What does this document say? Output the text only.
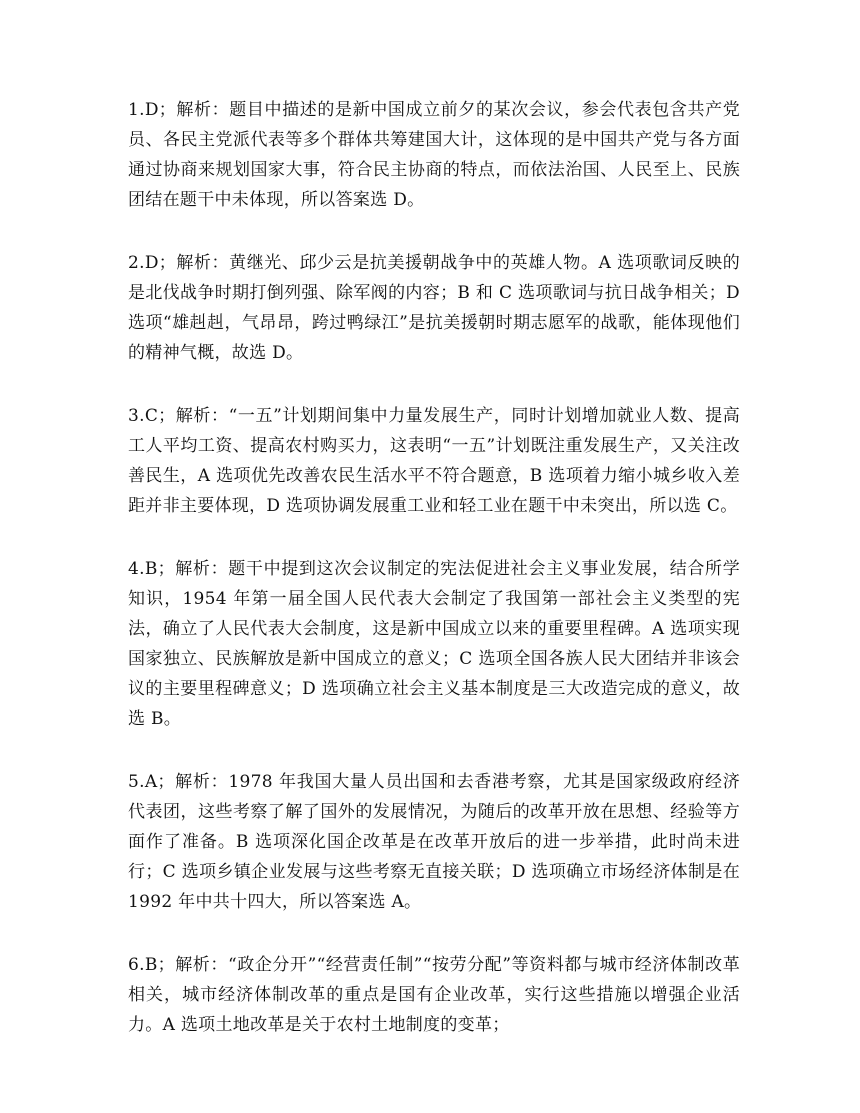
1.D；解析：题目中描述的是新中国成立前夕的某次会议，参会代表包含共产党员、各民主党派代表等多个群体共筹建国大计，这体现的是中国共产党与各方面通过协商来规划国家大事，符合民主协商的特点，而依法治国、人民至上、民族团结在题干中未体现，所以答案选 D。

2.D；解析：黄继光、邱少云是抗美援朝战争中的英雄人物。A 选项歌词反映的是北伐战争时期打倒列强、除军阀的内容；B 和 C 选项歌词与抗日战争相关；D 选项“雄赳赳，气昂昂，跨过鸭绿江”是抗美援朝时期志愿军的战歌，能体现他们的精神气概，故选 D。

3.C；解析：“一五”计划期间集中力量发展生产，同时计划增加就业人数、提高工人平均工资、提高农村购买力，这表明“一五”计划既注重发展生产，又关注改善民生，A 选项优先改善农民生活水平不符合题意，B 选项着力缩小城乡收入差距并非主要体现，D 选项协调发展重工业和轻工业在题干中未突出，所以选 C。

4.B；解析：题干中提到这次会议制定的宪法促进社会主义事业发展，结合所学知识，1954 年第一届全国人民代表大会制定了我国第一部社会主义类型的宪法，确立了人民代表大会制度，这是新中国成立以来的重要里程碑。A 选项实现国家独立、民族解放是新中国成立的意义；C 选项全国各族人民大团结并非该会议的主要里程碑意义；D 选项确立社会主义基本制度是三大改造完成的意义，故选 B。

5.A；解析：1978 年我国大量人员出国和去香港考察，尤其是国家级政府经济代表团，这些考察了解了国外的发展情况，为随后的改革开放在思想、经验等方面作了准备。B 选项深化国企改革是在改革开放后的进一步举措，此时尚未进行；C 选项乡镇企业发展与这些考察无直接关联；D 选项确立市场经济体制是在 1992 年中共十四大，所以答案选 A。

6.B；解析：“政企分开”“经营责任制”“按劳分配”等资料都与城市经济体制改革相关，城市经济体制改革的重点是国有企业改革，实行这些措施以增强企业活力。A 选项土地改革是关于农村土地制度的变革；
